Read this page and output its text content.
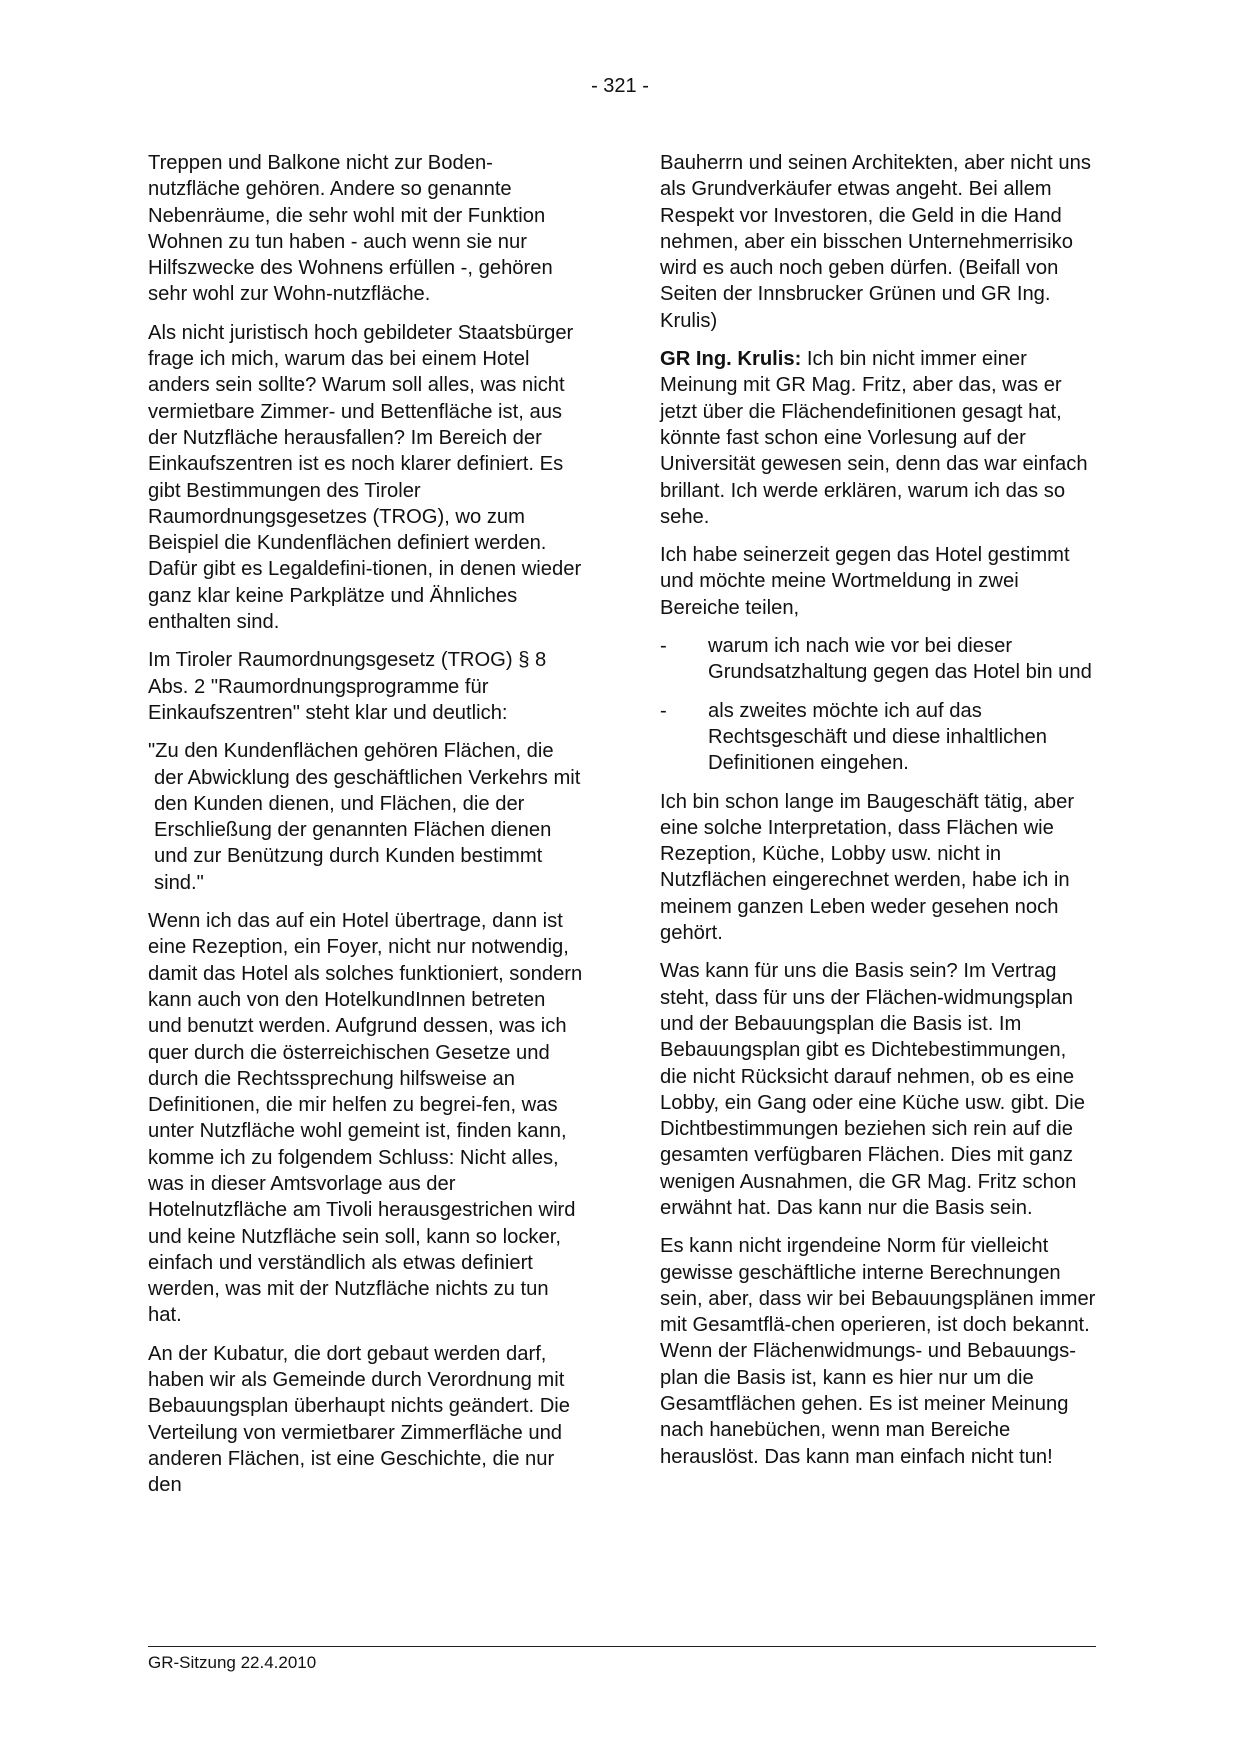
- 321 -

Treppen und Balkone nicht zur Boden-nutzfläche gehören. Andere so genannte Nebenräume, die sehr wohl mit der Funktion Wohnen zu tun haben - auch wenn sie nur Hilfszwecke des Wohnens erfüllen -, gehören sehr wohl zur Wohn-nutzfläche.

Als nicht juristisch hoch gebildeter Staatsbürger frage ich mich, warum das bei einem Hotel anders sein sollte? Warum soll alles, was nicht vermietbare Zimmer- und Bettenfläche ist, aus der Nutzfläche herausfallen? Im Bereich der Einkaufszentren ist es noch klarer definiert. Es gibt Bestimmungen des Tiroler Raumordnungsgesetzes (TROG), wo zum Beispiel die Kundenflächen definiert werden. Dafür gibt es Legaldefini-tionen, in denen wieder ganz klar keine Parkplätze und Ähnliches enthalten sind.

Im Tiroler Raumordnungsgesetz (TROG) § 8 Abs. 2 "Raumordnungsprogramme für Einkaufszentren" steht klar und deutlich:

"Zu den Kundenflächen gehören Flächen, die der Abwicklung des geschäftlichen Verkehrs mit den Kunden dienen, und Flächen, die der Erschließung der genannten Flächen dienen und zur Benützung durch Kunden bestimmt sind."

Wenn ich das auf ein Hotel übertrage, dann ist eine Rezeption, ein Foyer, nicht nur notwendig, damit das Hotel als solches funktioniert, sondern kann auch von den HotelkundInnen betreten und benutzt werden. Aufgrund dessen, was ich quer durch die österreichischen Gesetze und durch die Rechtssprechung hilfsweise an Definitionen, die mir helfen zu begrei-fen, was unter Nutzfläche wohl gemeint ist, finden kann, komme ich zu folgendem Schluss: Nicht alles, was in dieser Amtsvorlage aus der Hotelnutzfläche am Tivoli herausgestrichen wird und keine Nutzfläche sein soll, kann so locker, einfach und verständlich als etwas definiert werden, was mit der Nutzfläche nichts zu tun hat.

An der Kubatur, die dort gebaut werden darf, haben wir als Gemeinde durch Verordnung mit Bebauungsplan überhaupt nichts geändert. Die Verteilung von vermietbarer Zimmerfläche und anderen Flächen, ist eine Geschichte, die nur den

Bauherrn und seinen Architekten, aber nicht uns als Grundverkäufer etwas angeht. Bei allem Respekt vor Investoren, die Geld in die Hand nehmen, aber ein bisschen Unternehmerrisiko wird es auch noch geben dürfen. (Beifall von Seiten der Innsbrucker Grünen und GR Ing. Krulis)

GR Ing. Krulis: Ich bin nicht immer einer Meinung mit GR Mag. Fritz, aber das, was er jetzt über die Flächendefinitionen gesagt hat, könnte fast schon eine Vorlesung auf der Universität gewesen sein, denn das war einfach brillant. Ich werde erklären, warum ich das so sehe.

Ich habe seinerzeit gegen das Hotel gestimmt und möchte meine Wortmeldung in zwei Bereiche teilen,

-	warum ich nach wie vor bei dieser Grundsatzhaltung gegen das Hotel bin und
-	als zweites möchte ich auf das Rechtsgeschäft und diese inhaltlichen Definitionen eingehen.

Ich bin schon lange im Baugeschäft tätig, aber eine solche Interpretation, dass Flächen wie Rezeption, Küche, Lobby usw. nicht in Nutzflächen eingerechnet werden, habe ich in meinem ganzen Leben weder gesehen noch gehört.

Was kann für uns die Basis sein? Im Vertrag steht, dass für uns der Flächen-widmungsplan und der Bebauungsplan die Basis ist. Im Bebauungsplan gibt es Dichtebestimmungen, die nicht Rücksicht darauf nehmen, ob es eine Lobby, ein Gang oder eine Küche usw. gibt. Die Dichtbestimmungen beziehen sich rein auf die gesamten verfügbaren Flächen. Dies mit ganz wenigen Ausnahmen, die GR Mag. Fritz schon erwähnt hat. Das kann nur die Basis sein.

Es kann nicht irgendeine Norm für vielleicht gewisse geschäftliche interne Berechnungen sein, aber, dass wir bei Bebauungsplänen immer mit Gesamtflä-chen operieren, ist doch bekannt. Wenn der Flächenwidmungs- und Bebauungs-plan die Basis ist, kann es hier nur um die Gesamtflächen gehen. Es ist meiner Meinung nach hanebüchen, wenn man Bereiche herauslöst. Das kann man einfach nicht tun!

GR-Sitzung 22.4.2010
